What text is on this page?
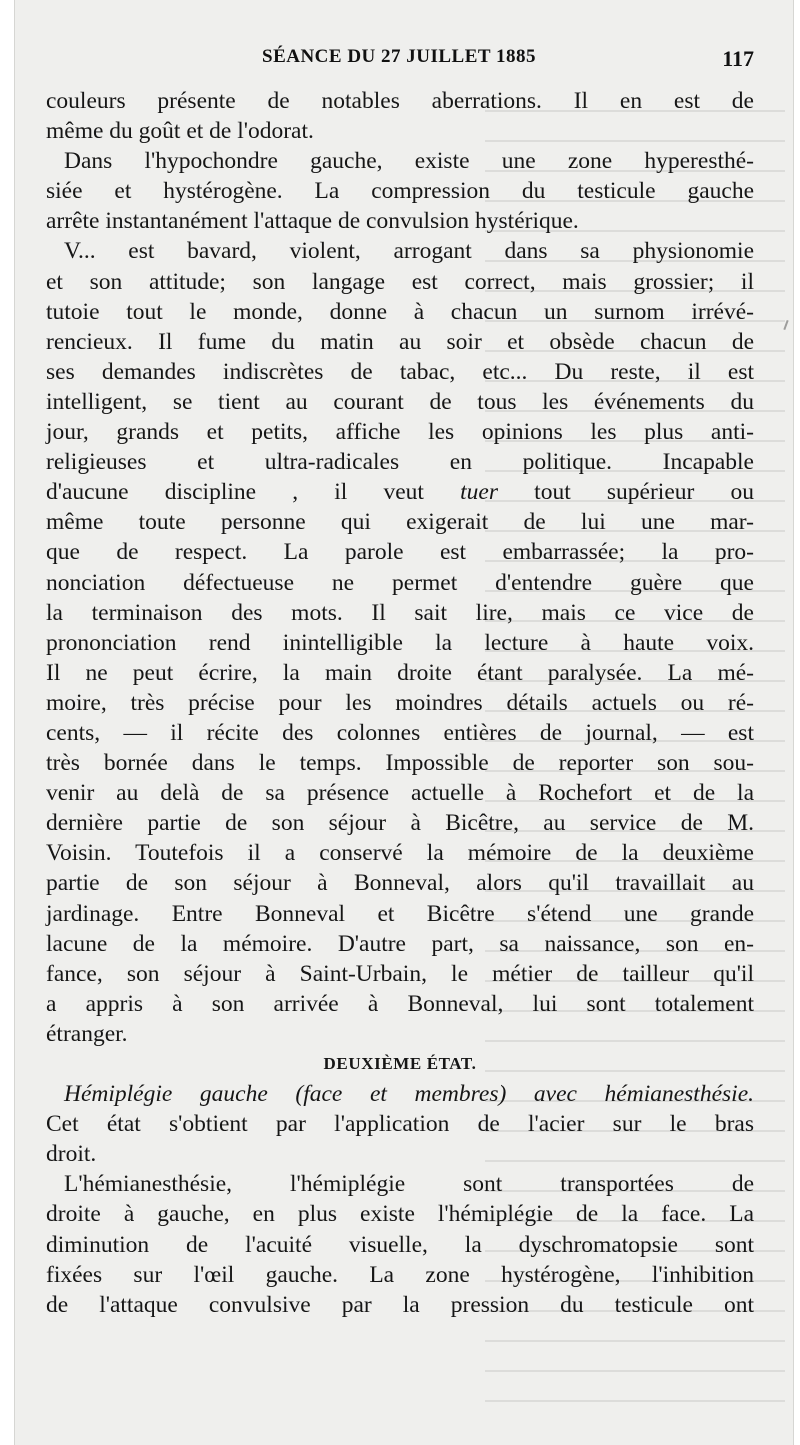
SÉANCE DU 27 JUILLET 1885	117
couleurs présente de notables aberrations. Il en est de
même du goût et de l'odorat.
Dans l'hypochondre gauche, existe une zone hyperesthé-
siée et hystérogène. La compression du testicule gauche
arrête instantanément l'attaque de convulsion hystérique.
V... est bavard, violent, arrogant dans sa physionomie
et son attitude; son langage est correct, mais grossier; il
tutoie tout le monde, donne à chacun un surnom irrévé-
rencieux. Il fume du matin au soir et obsède chacun de
ses demandes indiscrètes de tabac, etc... Du reste, il est
intelligent, se tient au courant de tous les événements du
jour, grands et petits, affiche les opinions les plus anti-
religieuses et ultra-radicales en politique. Incapable
d'aucune discipline , il veut tuer tout supérieur ou
même toute personne qui exigerait de lui une mar-
que de respect. La parole est embarrassée; la pro-
nonciation défectueuse ne permet d'entendre guère que
la terminaison des mots. Il sait lire, mais ce vice de
prononciation rend inintelligible la lecture à haute voix.
Il ne peut écrire, la main droite étant paralysée. La mé-
moire, très précise pour les moindres détails actuels ou ré-
cents, — il récite des colonnes entières de journal, — est
très bornée dans le temps. Impossible de reporter son sou-
venir au delà de sa présence actuelle à Rochefort et de la
dernière partie de son séjour à Bicêtre, au service de M.
Voisin. Toutefois il a conservé la mémoire de la deuxième
partie de son séjour à Bonneval, alors qu'il travaillait au
jardinage. Entre Bonneval et Bicêtre s'étend une grande
lacune de la mémoire. D'autre part, sa naissance, son en-
fance, son séjour à Saint-Urbain, le métier de tailleur qu'il
a appris à son arrivée à Bonneval, lui sont totalement
étranger.
DEUXIÈME ÉTAT.
Hémiplégie gauche (face et membres) avec hémianesthésie.
Cet état s'obtient par l'application de l'acier sur le bras
droit.
L'hémianesthésie, l'hémiplégie sont transportées de
droite à gauche, en plus existe l'hémiplégie de la face. La
diminution de l'acuité visuelle, la dyschromatopsie sont
fixées sur l'œil gauche. La zone hystérogène, l'inhibition
de l'attaque convulsive par la pression du testicule ont
